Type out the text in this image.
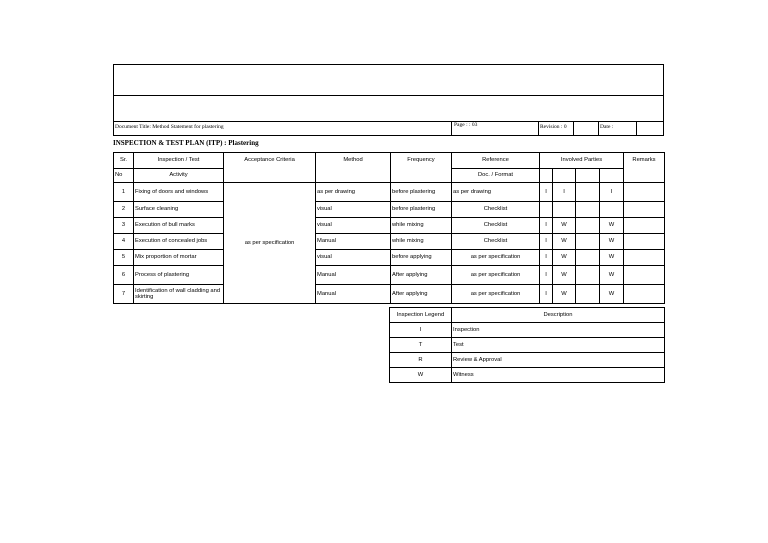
Document Title: Method Statement for plastering	Page : : 03	Revision : 0	Date :
INSPECTION & TEST PLAN (ITP) : Plastering
Sr.	Inspection / Test	Acceptance Criteria	Method	Frequency	Reference	Involved Parties				Remarks
No	Activity				Doc. / Format					
1	Fixing of doors and windows	as per specification	as per drawing	before plastering	as per drawing	I	I		I	
2	Surface cleaning		visual	before plastering	Checklist					
3	Execution of bull marks		visual	while mixing	Checklist	I	W		W	
4	Execution of concealed jobs		Manual	while mixing	Checklist	I	W		W	
5	Mix proportion of mortar		visual	before applying	as per specification	I	W		W	
6	Process of plastering		Manual	After applying	as per specification	I	W		W	
7	Identification of wall cladding and skirting		Manual	After applying	as per specification	I	W		W	
Inspection Legend	Description
I	Inspection
T	Test
R	Review & Approval
W	Witness
